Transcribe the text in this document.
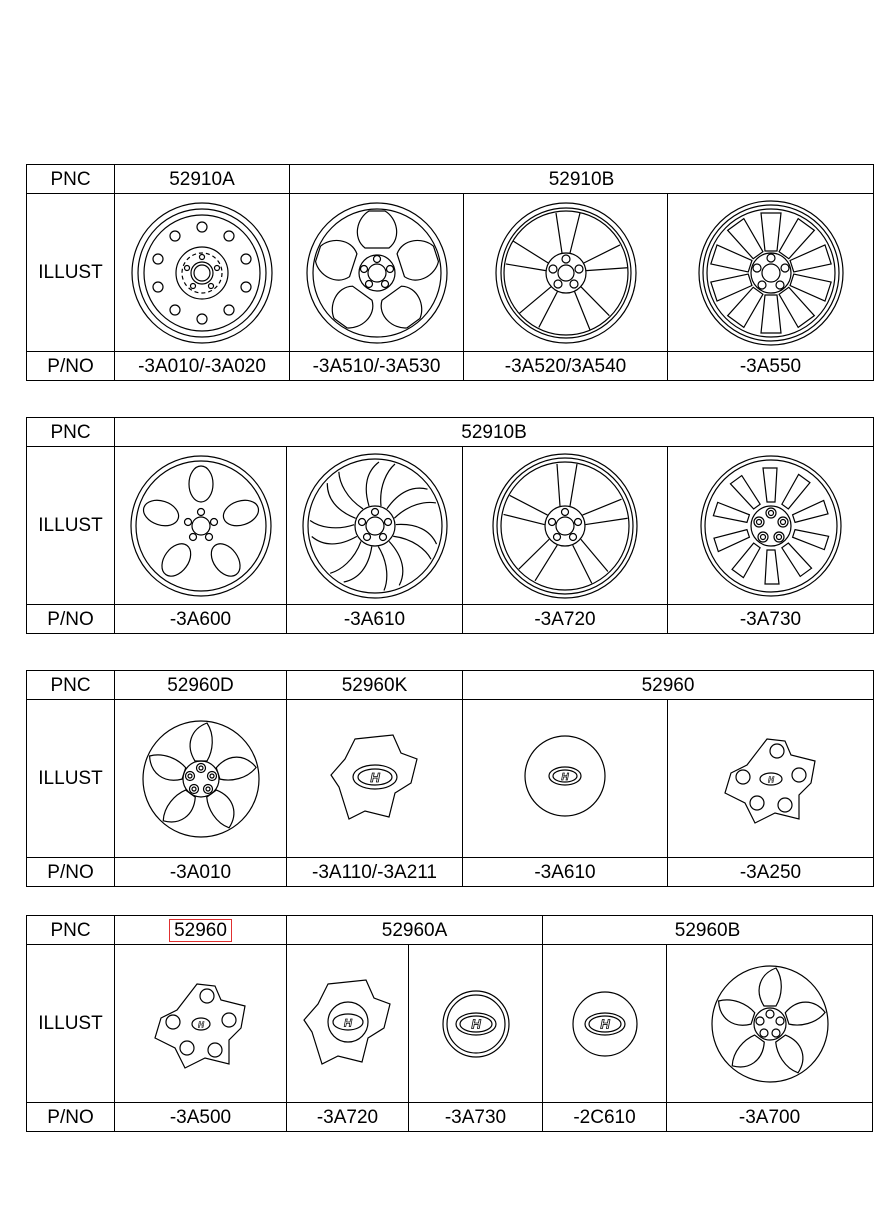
PNC	52910A	52910B		
ILLUST	

P/NO	-3A010/-3A020	-3A510/-3A530	-3A520/3A540	-3A550
PNC	52910B			
ILLUST	

P/NO	-3A600	-3A610	-3A720	-3A730
PNC	52960D	52960K	52960	
ILLUST		H	H	H

P/NO	-3A010	-3A110/-3A211	-3A610	-3A250
PNC	52960	52960A		52960B	
ILLUST	H	H	H	H

P/NO	-3A500	-3A720	-3A730	-2C610	-3A700
